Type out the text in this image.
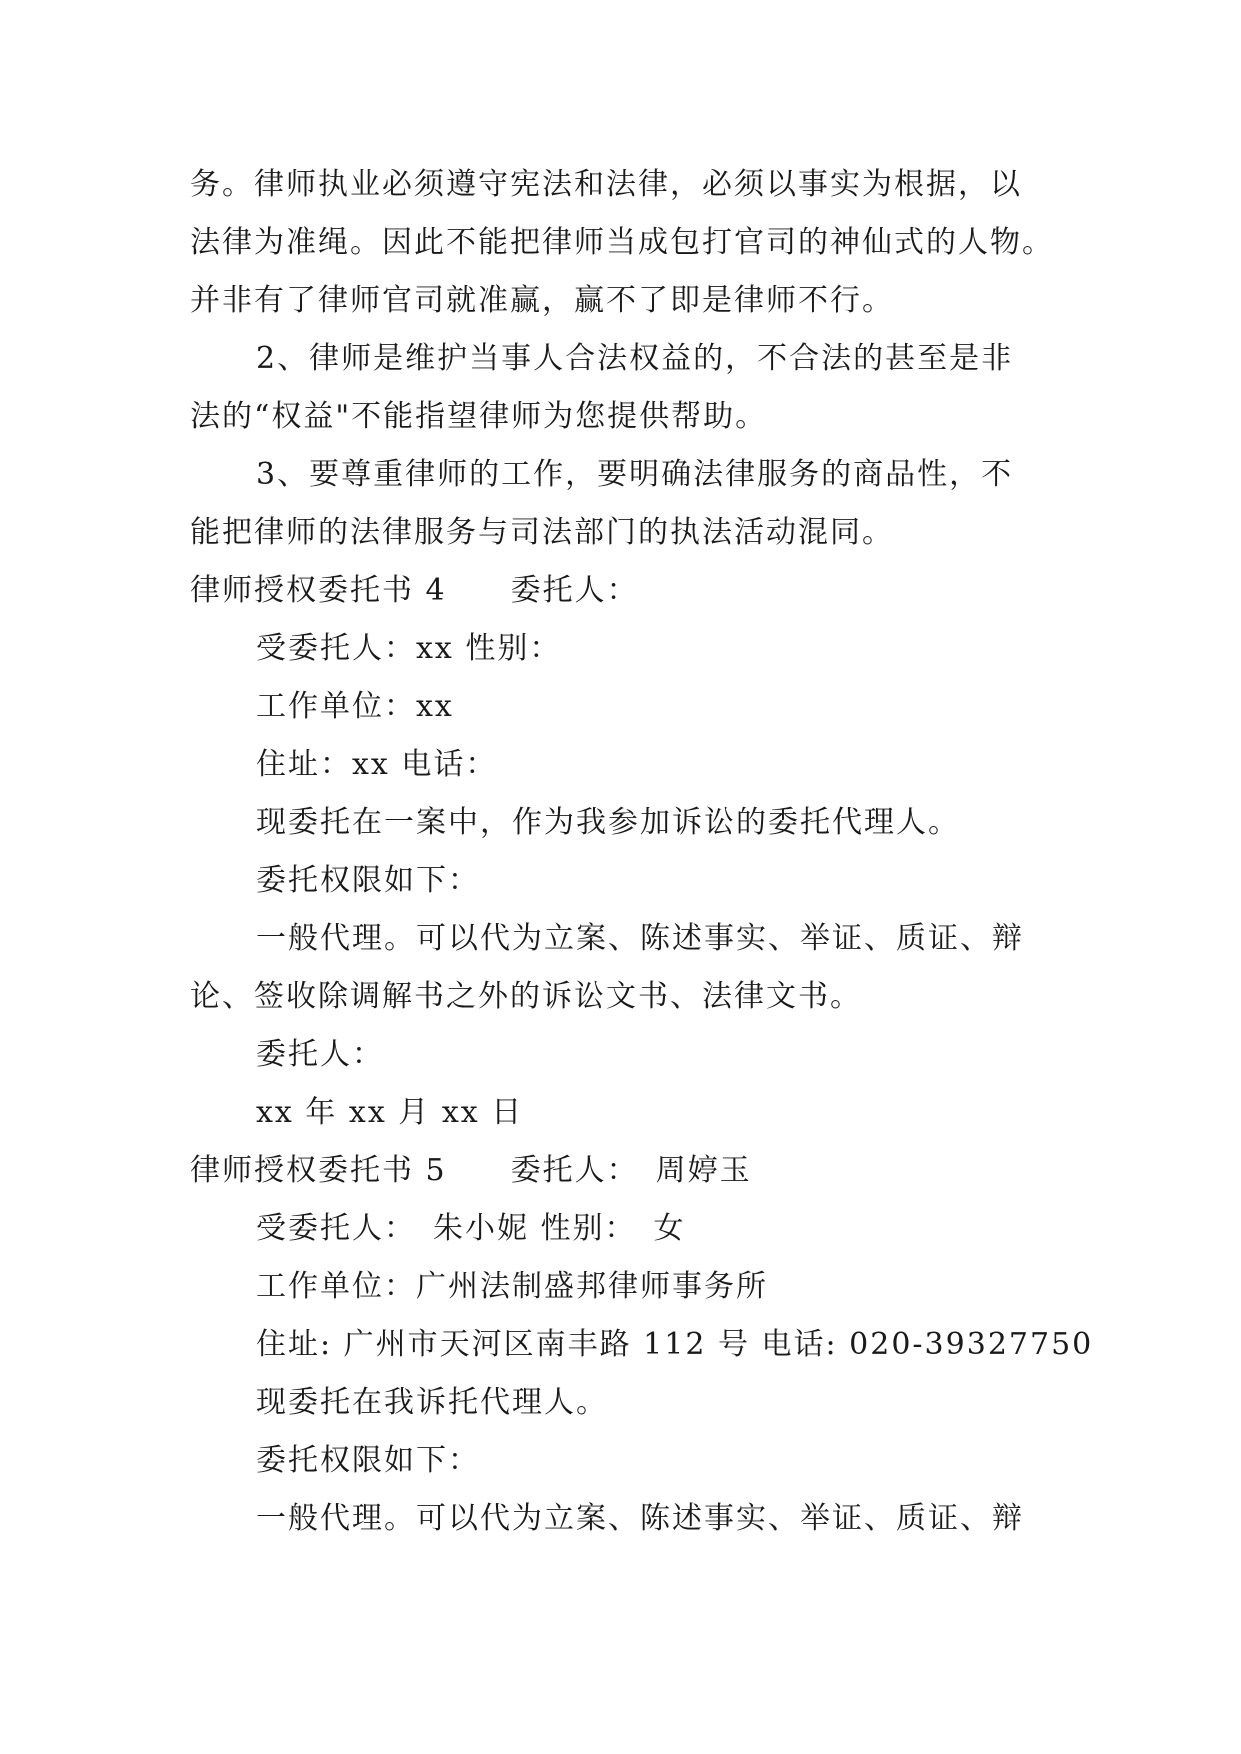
务。律师执业必须遵守宪法和法律，必须以事实为根据，以
法律为准绳。因此不能把律师当成包打官司的神仙式的人物。
并非有了律师官司就准赢，赢不了即是律师不行。
2、律师是维护当事人合法权益的，不合法的甚至是非
法的“权益"不能指望律师为您提供帮助。
3、要尊重律师的工作，要明确法律服务的商品性，不
能把律师的法律服务与司法部门的执法活动混同。
律师授权委托书 4　　委托人：
受委托人：xx 性别：
工作单位：xx
住址：xx 电话：
现委托在一案中，作为我参加诉讼的委托代理人。
委托权限如下：
一般代理。可以代为立案、陈述事实、举证、质证、辩
论、签收除调解书之外的诉讼文书、法律文书。
委托人：
xx 年 xx 月 xx 日
律师授权委托书 5　　委托人：　周婷玉
受委托人：　朱小妮 性别：　女
工作单位：广州法制盛邦律师事务所
住址: 广州市天河区南丰路 112 号 电话: 020-39327750
现委托在我诉托代理人。
委托权限如下：
一般代理。可以代为立案、陈述事实、举证、质证、辩
